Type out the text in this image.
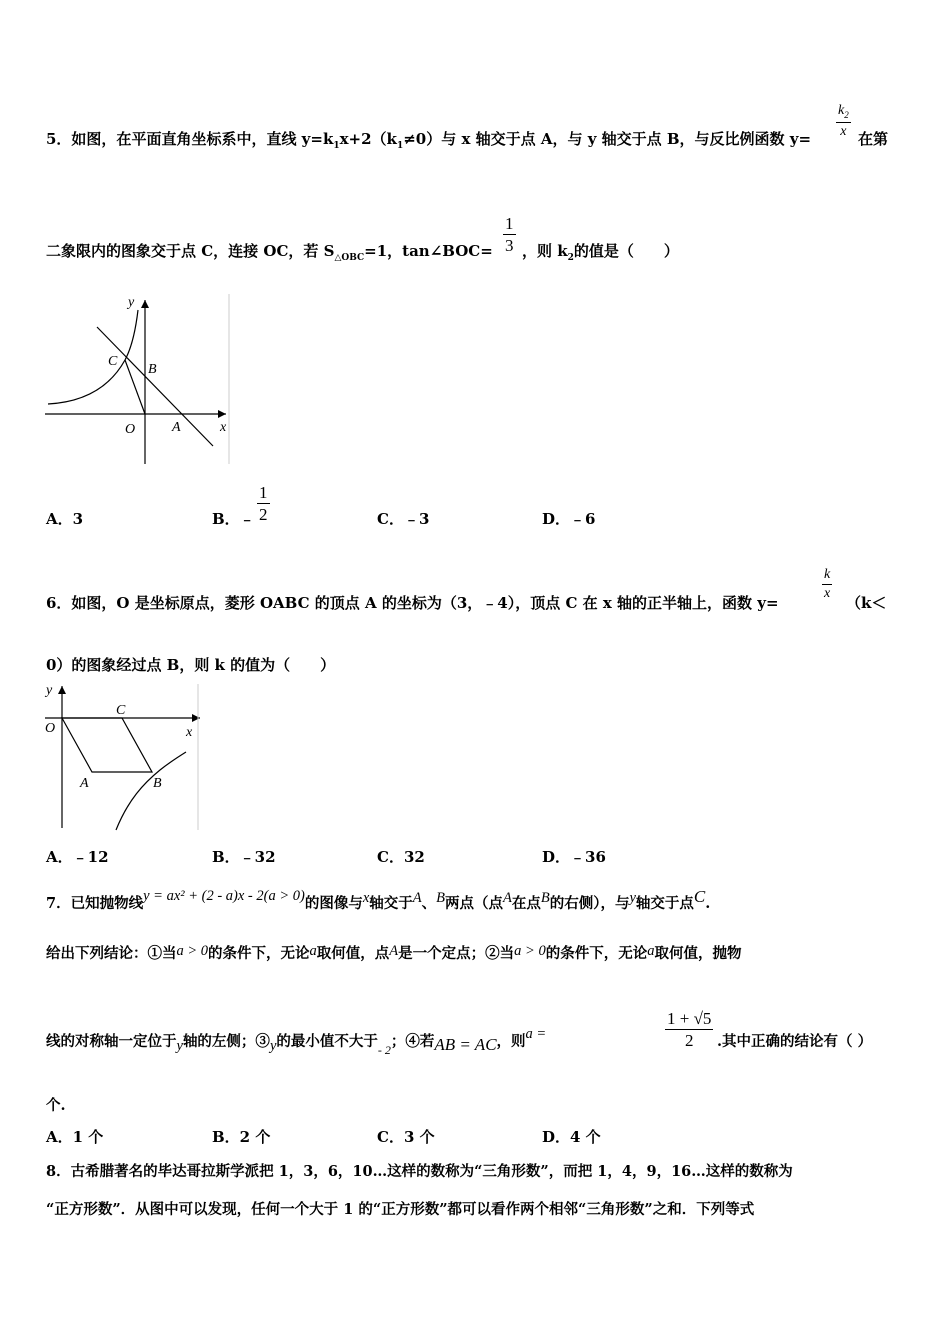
5．如图，在平面直角坐标系中，直线 $y=k_1x+2(k_1\ne 0)$与 x 轴交于点 A，与 y 轴交于点 B，与反比例函数 y=
$\frac{k_2}{x}$
在第
二象限内的图象交于点 C，连接 OC，若 $S_{\triangle OBC}=1$，tan∠BOC= $\frac{1}{3}$ ，则 $k_2$的值是（　　）
y
x
C
B
O	A
A．3	B．﹣ $\frac{1}{2}$	C．﹣3	D．﹣6
6．如图，O 是坐标原点，菱形 OABC 的顶点 A 的坐标为（3，﹣4），顶点 C 在 x 轴的正半轴上，函数 y=
$\frac{k}{x}$
（k＜
0）的图象经过点 B，则 k 的值为（　　）
y
x
O
C
A	B
A．﹣12	B．﹣32	C．32	D．﹣36
7．已知抛物线y = ax² + (2 - a)x - 2(a > 0)的图像与x轴交于A、B两点（点A在点B的右侧），与y轴交于点C.
给出下列结论：①当a > 0的条件下，无论a取何值，点A是一个定点；②当a > 0的条件下，无论a取何值，抛物
线的对称轴一定位于y轴的左侧；③y的最小值不大于$_{- 2}$；④若AB = AC，则a =	$\frac{1 + √5}{2}$ .其中正确的结论有（ ）
个.
A．1 个	B．2 个	C．3 个	D．4 个
8．古希腊著名的毕达哥拉斯学派把 1，3，6，10…这样的数称为“三角形数”，而把 1，4，9，16…这样的数称为
“正方形数”．从图中可以发现，任何一个大于 1 的“正方形数”都可以看作两个相邻“三角形数”之和．下列等式
